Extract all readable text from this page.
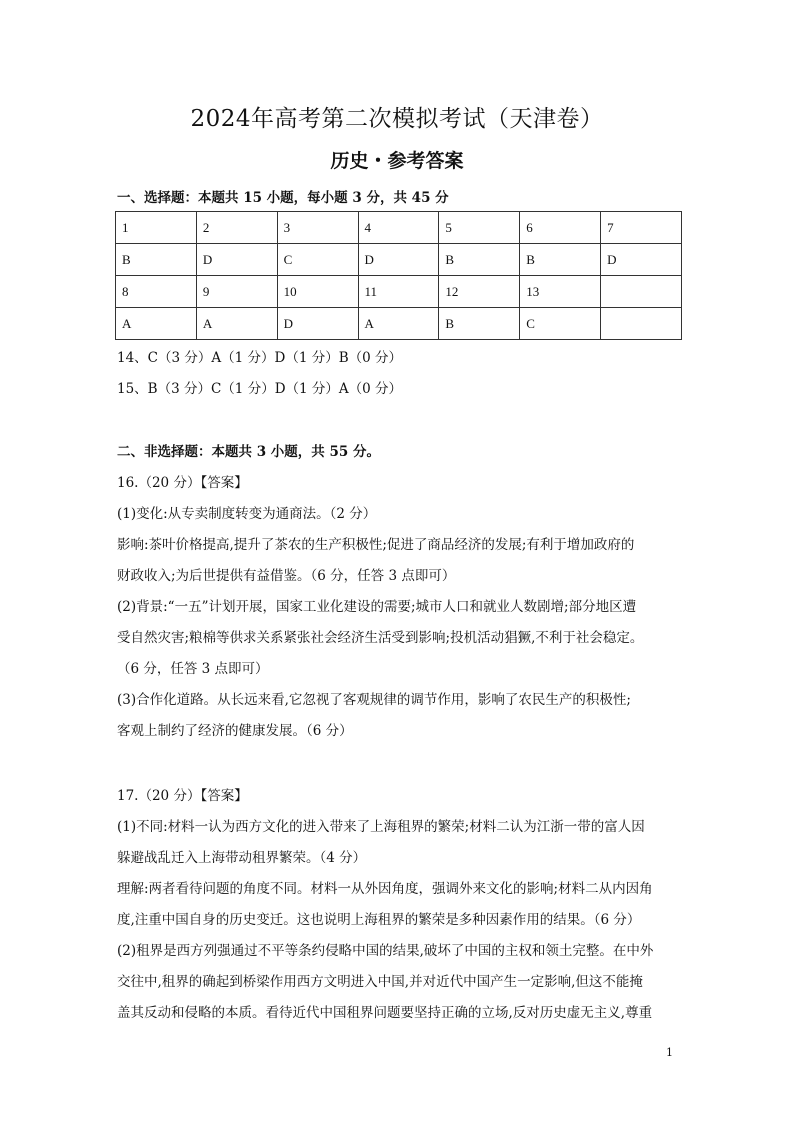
2024年高考第二次模拟考试（天津卷）
历史・参考答案
一、选择题：本题共 15 小题，每小题 3 分，共 45 分
1	2	3	4	5	6	7
B	D	C	D	B	B	D
8	9	10	11	12	13	
A	A	D	A	B	C	
14、C（3 分）A（1 分）D（1 分）B（0 分）
15、B（3 分）C（1 分）D（1 分）A（0 分）
二、非选择题：本题共 3 小题，共 55 分。
16.（20 分）【答案】
(1)变化:从专卖制度转变为通商法。（2 分）
影响:茶叶价格提高,提升了茶农的生产积极性;促进了商品经济的发展;有利于增加政府的
财政收入;为后世提供有益借鉴。（6 分，任答 3 点即可）
(2)背景:“一五”计划开展，国家工业化建设的需要;城市人口和就业人数剧增;部分地区遭
受自然灾害;粮棉等供求关系紧张社会经济生活受到影响;投机活动猖獗,不利于社会稳定。
（6 分，任答 3 点即可）
(3)合作化道路。从长远来看,它忽视了客观规律的调节作用，影响了农民生产的积极性;
客观上制约了经济的健康发展。（6 分）
17.（20 分）【答案】
(1)不同:材料一认为西方文化的进入带来了上海租界的繁荣;材料二认为江浙一带的富人因
躲避战乱迁入上海带动租界繁荣。（4 分）
理解:两者看待问题的角度不同。材料一从外因角度，强调外来文化的影响;材料二从内因角
度,注重中国自身的历史变迁。这也说明上海租界的繁荣是多种因素作用的结果。（6 分）
(2)租界是西方列强通过不平等条约侵略中国的结果,破坏了中国的主权和领土完整。在中外
交往中,租界的确起到桥梁作用西方文明进入中国,并对近代中国产生一定影响,但这不能掩
盖其反动和侵略的本质。看待近代中国租界问题要坚持正确的立场,反对历史虚无主义,尊重
1
